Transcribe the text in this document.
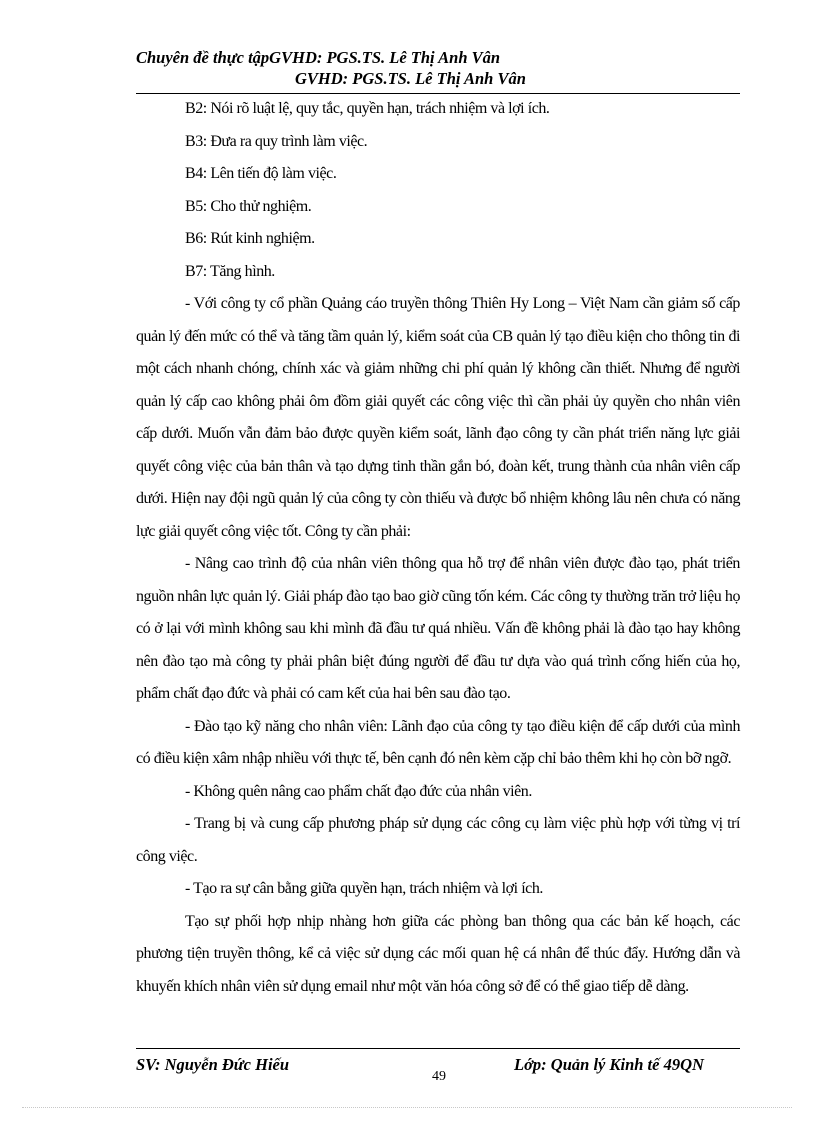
Chuyên đề thực tậpGVHD: PGS.TS. Lê Thị Anh Vân
GVHD: PGS.TS. Lê Thị Anh Vân

B2: Nói rõ luật lệ, quy tắc, quyền hạn, trách nhiệm và lợi ích.

B3: Đưa ra quy trình làm việc.

B4: Lên tiến độ làm việc.

B5: Cho thử nghiệm.

B6: Rút kinh nghiệm.

B7: Tăng hình.

- Với công ty cổ phần Quảng cáo truyền thông Thiên Hy Long – Việt Nam cần giảm số cấp quản lý đến mức có thể và tăng tầm quản lý, kiểm soát của CB quản lý tạo điều kiện cho thông tin đi một cách nhanh chóng, chính xác và giảm những chi phí quản lý không cần thiết. Nhưng để người quản lý cấp cao không phải ôm đồm giải quyết các công việc thì cần phải ủy quyền cho nhân viên cấp dưới. Muốn vẫn đảm bảo được quyền kiểm soát, lãnh đạo công ty cần phát triển năng lực giải quyết công việc của bản thân và tạo dựng tinh thần gắn bó, đoàn kết, trung thành của nhân viên cấp dưới. Hiện nay đội ngũ quản lý của công ty còn thiếu và được bổ nhiệm không lâu nên chưa có năng lực giải quyết công việc tốt. Công ty cần phải:

- Nâng cao trình độ của nhân viên thông qua hỗ trợ để nhân viên được đào tạo, phát triển nguồn nhân lực quản lý. Giải pháp đào tạo bao giờ cũng tốn kém. Các công ty thường trăn trở liệu họ có ở lại với mình không sau khi mình đã đầu tư quá nhiều. Vấn đề không phải là đào tạo hay không nên đào tạo mà công ty phải phân biệt đúng người để đầu tư dựa vào quá trình cống hiến của họ, phẩm chất đạo đức và phải có cam kết của hai bên sau đào tạo.

- Đào tạo kỹ năng cho nhân viên: Lãnh đạo của công ty tạo điều kiện để cấp dưới của mình có điều kiện xâm nhập nhiều với thực tế, bên cạnh đó nên kèm cặp chỉ bảo thêm khi họ còn bỡ ngỡ.

- Không quên nâng cao phẩm chất đạo đức của nhân viên.

- Trang bị và cung cấp phương pháp sử dụng các công cụ làm việc phù hợp với từng vị trí công việc.

- Tạo ra sự cân bằng giữa quyền hạn, trách nhiệm và lợi ích.

Tạo sự phối hợp nhịp nhàng hơn giữa các phòng ban thông qua các bản kế hoạch, các phương tiện truyền thông, kể cả việc sử dụng các mối quan hệ cá nhân để thúc đẩy. Hướng dẫn và khuyến khích nhân viên sử dụng email như một văn hóa công sở để có thể giao tiếp dễ dàng.

SV: Nguyễn Đức Hiếu	Lớp: Quản lý Kinh tế 49QN
49
